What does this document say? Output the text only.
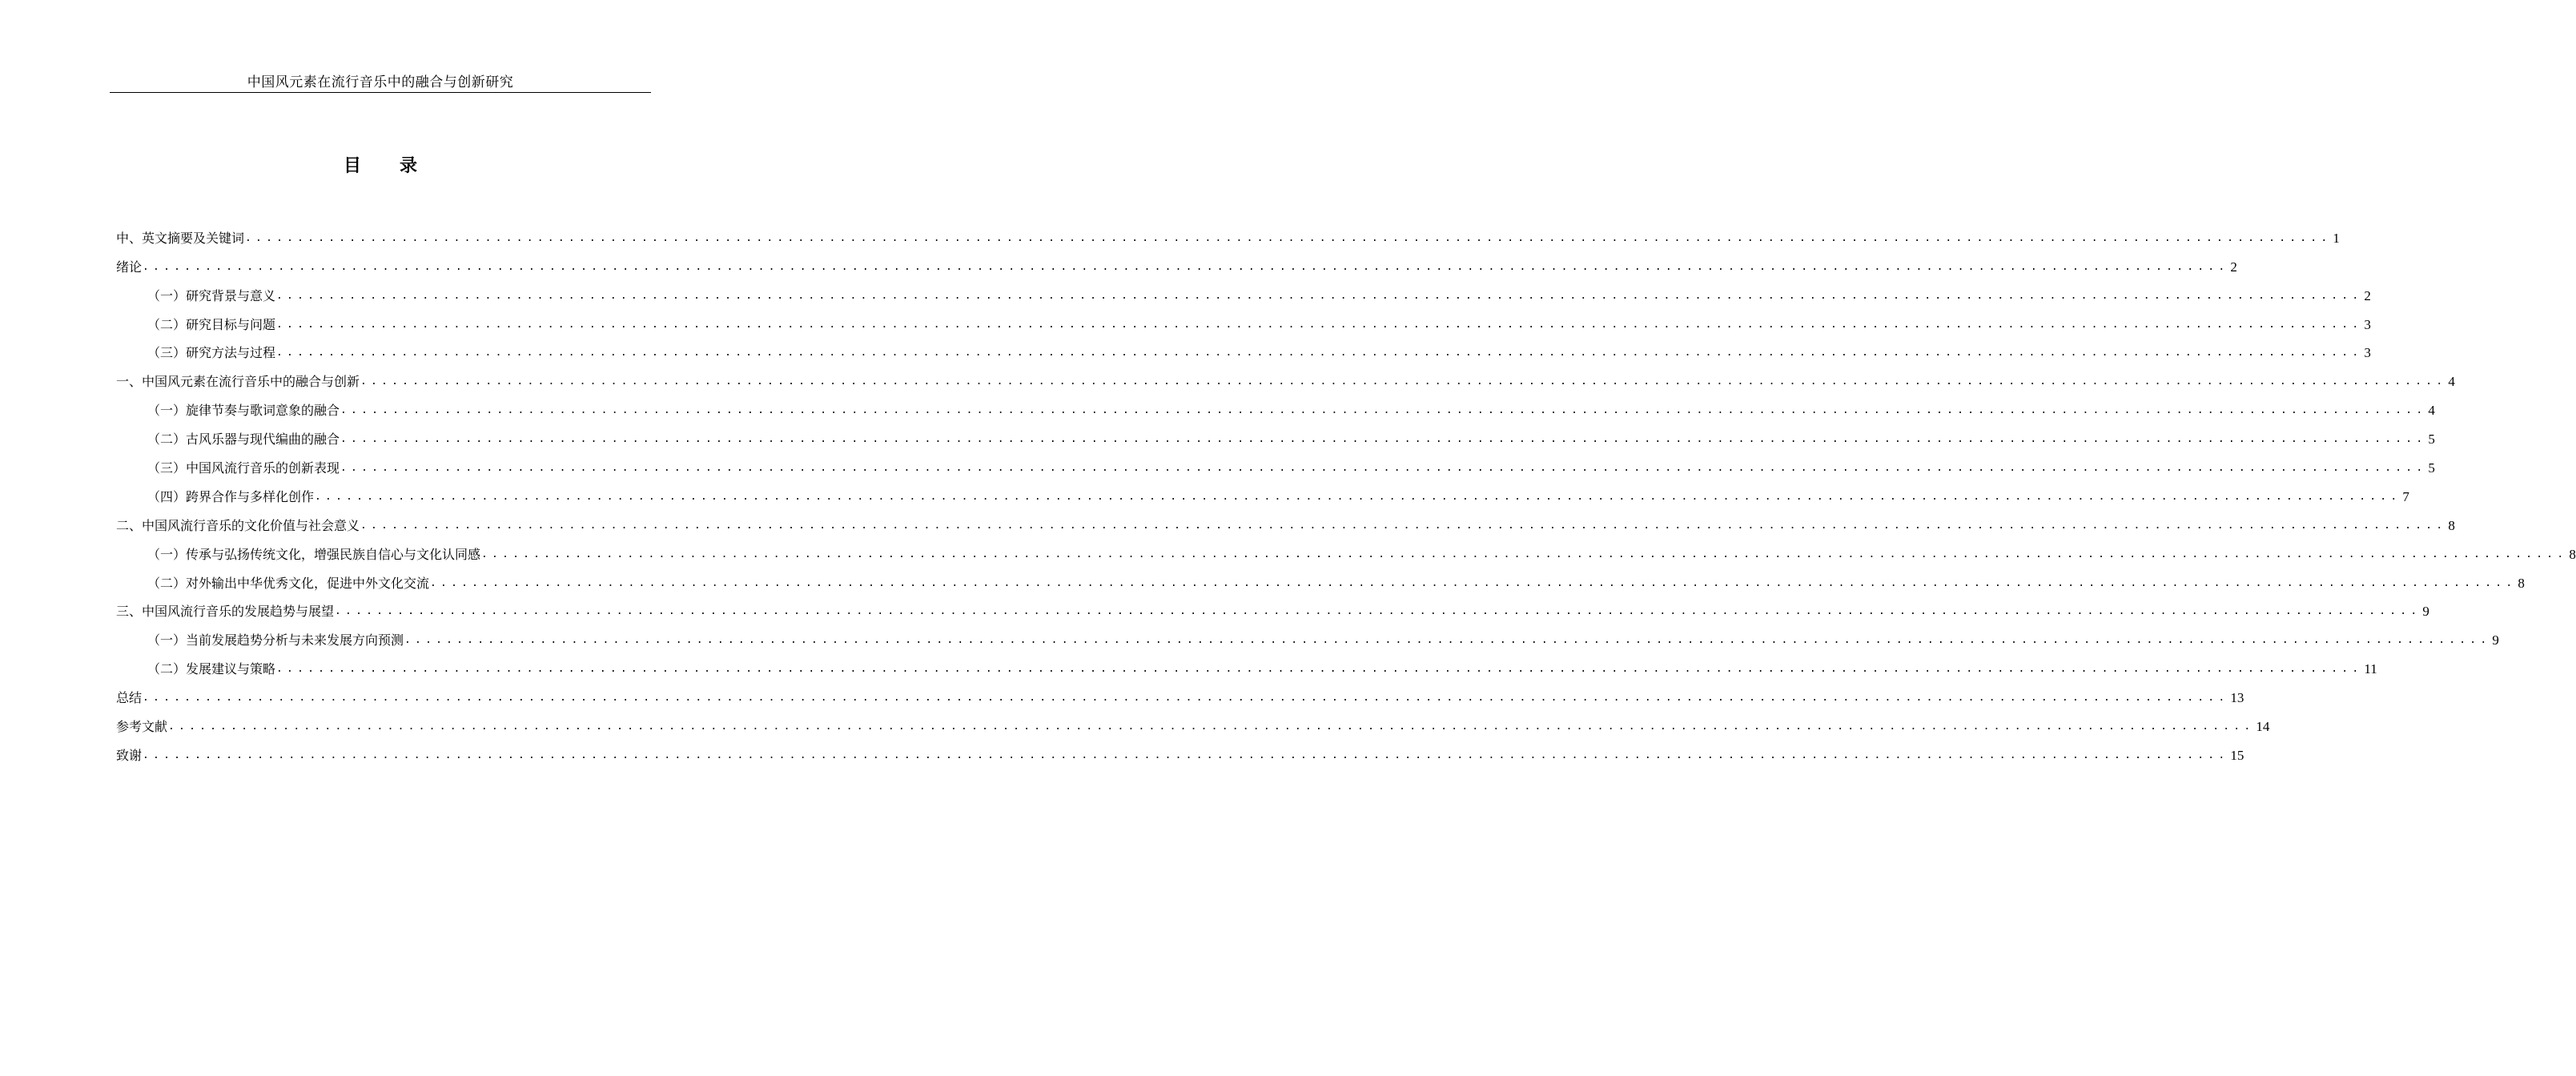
中国风元素在流行音乐中的融合与创新研究
目 录
中、英文摘要及关键词 ........................................................................................................................................................................................................ 1
绪论 ........................................................................................................................................................................................................ 2
（一）研究背景与意义 ........................................................................................................................................................................................................ 2
（二）研究目标与问题 ........................................................................................................................................................................................................ 3
（三）研究方法与过程 ........................................................................................................................................................................................................ 3
一、中国风元素在流行音乐中的融合与创新 ........................................................................................................................................................................................................ 4
（一）旋律节奏与歌词意象的融合 ........................................................................................................................................................................................................ 4
（二）古风乐器与现代编曲的融合 ........................................................................................................................................................................................................ 5
（三）中国风流行音乐的创新表现 ........................................................................................................................................................................................................ 5
（四）跨界合作与多样化创作 ........................................................................................................................................................................................................ 7
二、中国风流行音乐的文化价值与社会意义 ........................................................................................................................................................................................................ 8
（一）传承与弘扬传统文化，增强民族自信心与文化认同感 ........................................................................................................................................................................................................ 8
（二）对外输出中华优秀文化，促进中外文化交流 ........................................................................................................................................................................................................ 8
三、中国风流行音乐的发展趋势与展望 ........................................................................................................................................................................................................ 9
（一）当前发展趋势分析与未来发展方向预测 ........................................................................................................................................................................................................ 9
（二）发展建议与策略 ........................................................................................................................................................................................................ 11
总结 ........................................................................................................................................................................................................ 13
参考文献 ........................................................................................................................................................................................................ 14
致谢 ........................................................................................................................................................................................................ 15
